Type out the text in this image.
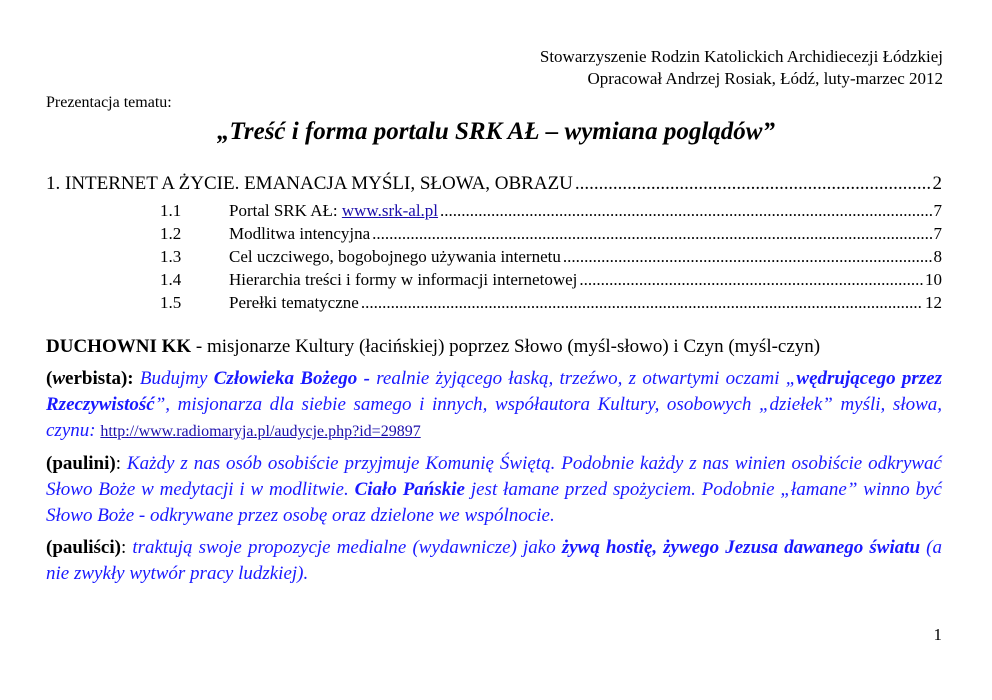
Stowarzyszenie Rodzin Katolickich Archidiecezji Łódzkiej
Opracował Andrzej Rosiak, Łódź, luty-marzec 2012
Prezentacja tematu:
„Treść i forma portalu SRK AŁ – wymiana poglądów”
1. INTERNET A ŻYCIE. EMANACJA MYŚLI, SŁOWA, OBRAZU .....	2
1.1	Portal SRK AŁ: www.srk-al.pl .....	7
1.2	Modlitwa intencyjna .....	7
1.3	Cel uczciwego, bogobojnego używania internetu .....	8
1.4	Hierarchia treści i formy w informacji internetowej .....	10
1.5	Perełki tematyczne .....	12

DUCHOWNI KK - misjonarze Kultury (łacińskiej) poprzez Słowo (myśl-słowo) i Czyn (myśl-czyn)

(werbista): Budujmy Człowieka Bożego - realnie żyjącego łaską, trzeźwo, z otwartymi oczami „wędrującego przez Rzeczywistość”, misjonarza dla siebie samego i innych, współautora Kultury, osobowych „dziełek” myśli, słowa, czynu: http://www.radiomaryja.pl/audycje.php?id=29897

(paulini): Każdy z nas osób osobiście przyjmuje Komunię Świętą. Podobnie każdy z nas winien osobiście odkrywać Słowo Boże w medytacji i w modlitwie. Ciało Pańskie jest łamane przed spożyciem. Podobnie „łamane” winno być Słowo Boże - odkrywane przez osobę oraz dzielone we wspólnocie.

(pauliści): traktują swoje propozycje medialne (wydawnicze) jako żywą hostię, żywego Jezusa dawanego światu (a nie zwykły wytwór pracy ludzkiej).

1
